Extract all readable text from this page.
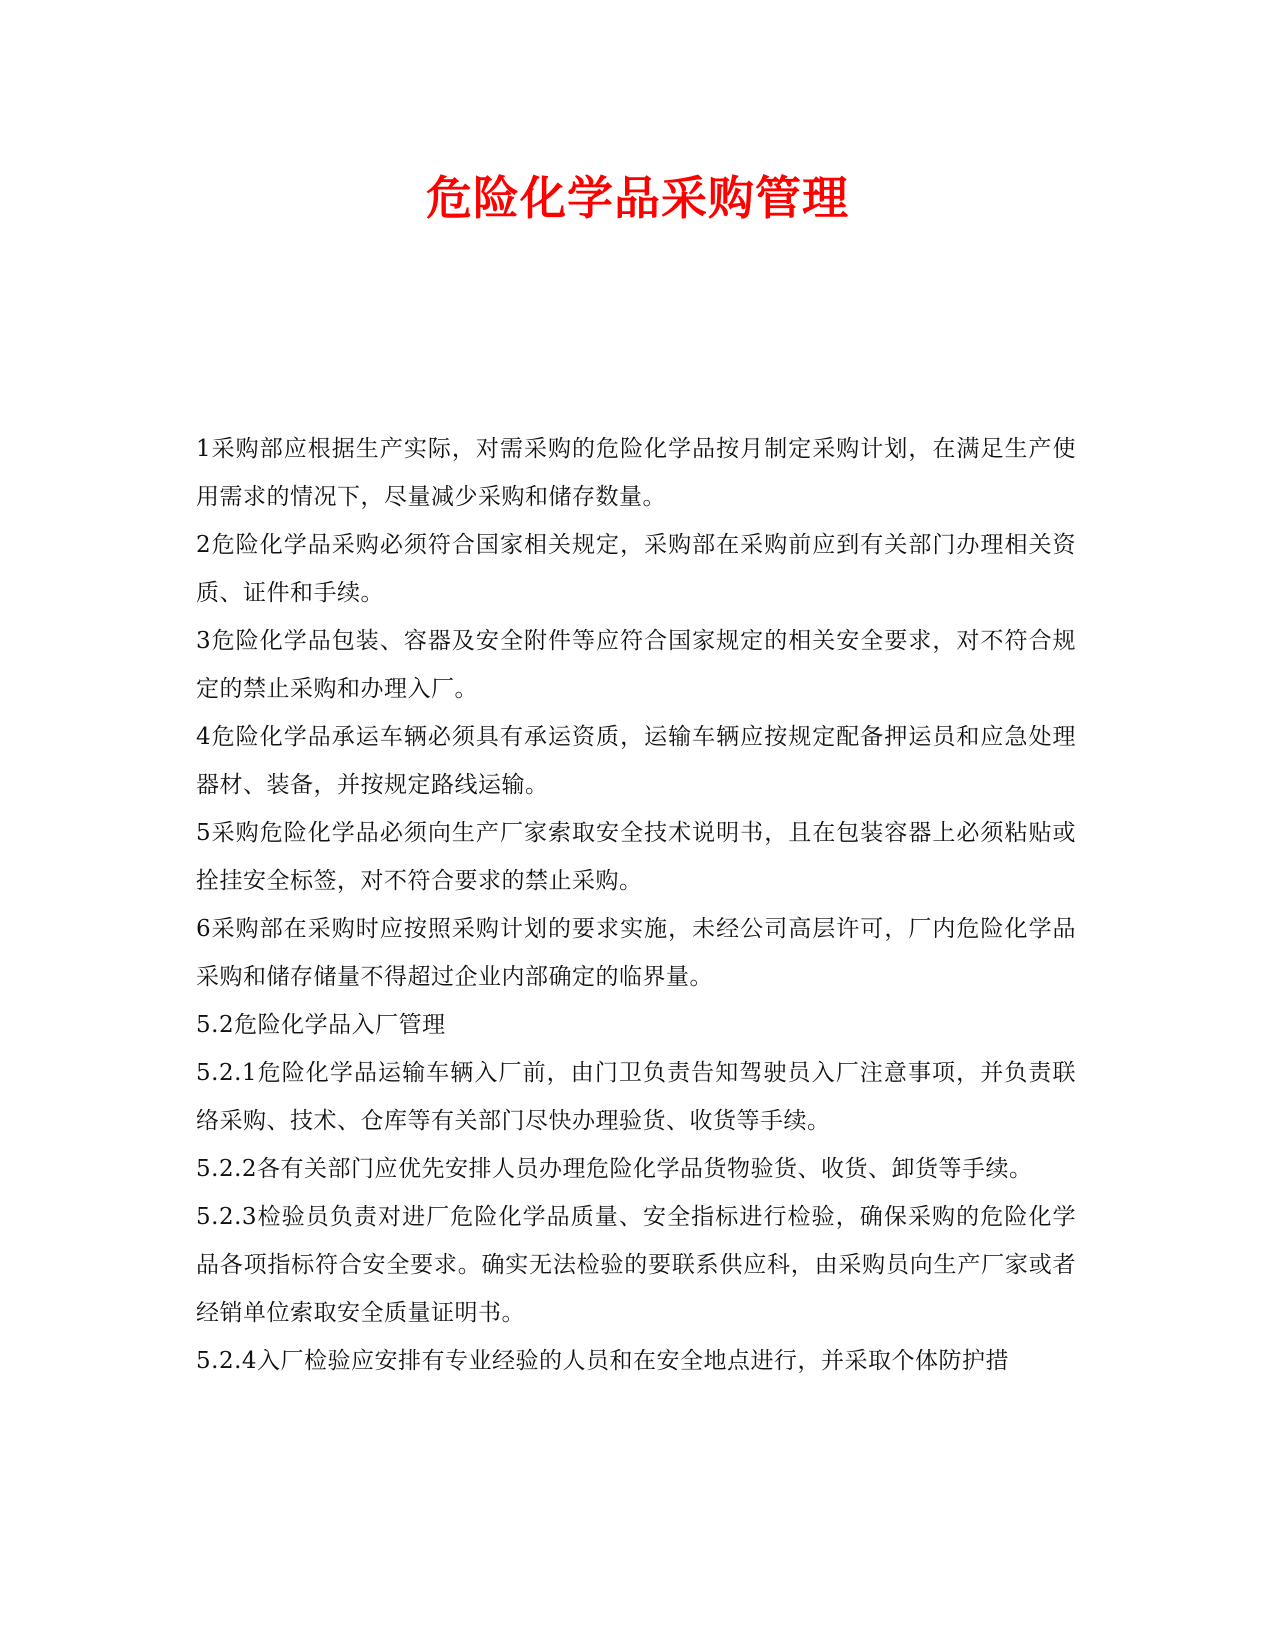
危险化学品采购管理

1采购部应根据生产实际，对需采购的危险化学品按月制定采购计划，在满足生产使用需求的情况下，尽量减少采购和储存数量。

2危险化学品采购必须符合国家相关规定，采购部在采购前应到有关部门办理相关资质、证件和手续。

3危险化学品包装、容器及安全附件等应符合国家规定的相关安全要求，对不符合规定的禁止采购和办理入厂。

4危险化学品承运车辆必须具有承运资质，运输车辆应按规定配备押运员和应急处理器材、装备，并按规定路线运输。

5采购危险化学品必须向生产厂家索取安全技术说明书，且在包装容器上必须粘贴或拴挂安全标签，对不符合要求的禁止采购。

6采购部在采购时应按照采购计划的要求实施，未经公司高层许可，厂内危险化学品采购和储存储量不得超过企业内部确定的临界量。

5.2危险化学品入厂管理

5.2.1危险化学品运输车辆入厂前，由门卫负责告知驾驶员入厂注意事项，并负责联络采购、技术、仓库等有关部门尽快办理验货、收货等手续。

5.2.2各有关部门应优先安排人员办理危险化学品货物验货、收货、卸货等手续。

5.2.3检验员负责对进厂危险化学品质量、安全指标进行检验，确保采购的危险化学品各项指标符合安全要求。确实无法检验的要联系供应科，由采购员向生产厂家或者经销单位索取安全质量证明书。

5.2.4入厂检验应安排有专业经验的人员和在安全地点进行，并采取个体防护措
